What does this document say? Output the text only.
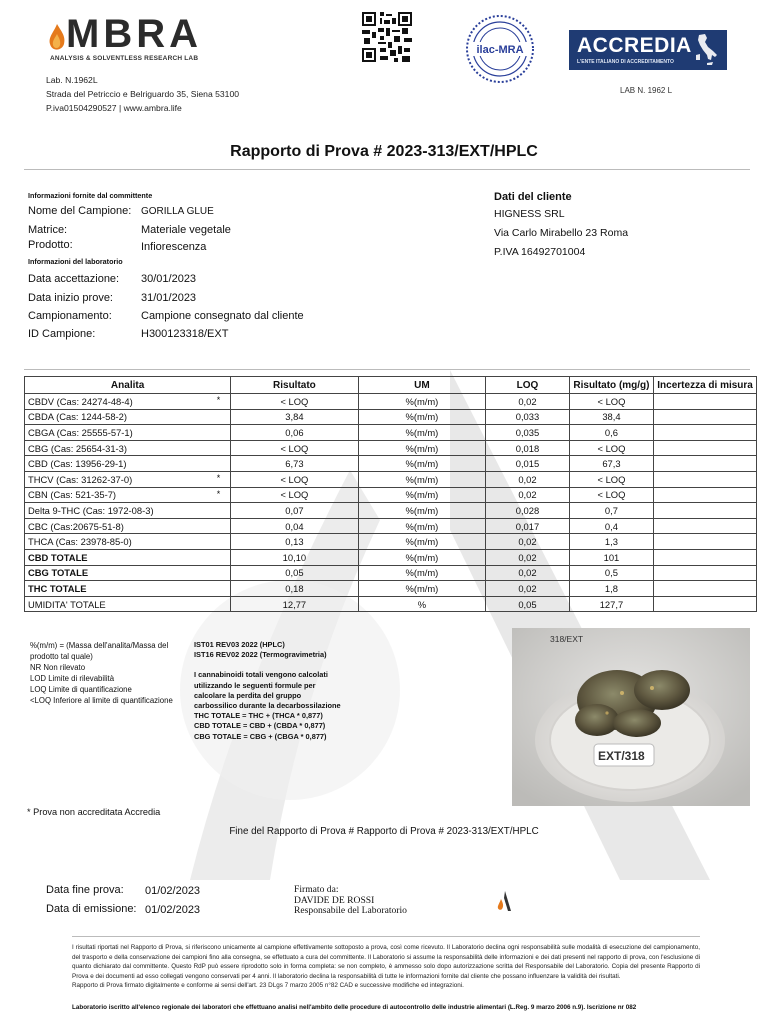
MBRA
ANALYSIS & SOLVENTLESS RESEARCH LAB
Lab. N.1962L
Strada del Petriccio e Belriguardo 35, Siena 53100
P.iva01504290527 | www.ambra.life
ilac-MRA	ACCREDIA
L'ENTE ITALIANO DI ACCREDITAMENTO
LAB N. 1962 L
Rapporto di Prova # 2023-313/EXT/HPLC
Informazioni fornite dal committente
Nome del Campione: GORILLA GLUE
Matrice:	Materiale vegetale
Prodotto:	Infiorescenza
Informazioni del laboratorio
Data accettazione: 30/01/2023
Data inizio prove:	31/01/2023
Campionamento:	Campione consegnato dal cliente
ID Campione:	H300123318/EXT
Dati del cliente
HIGNESS SRL
Via Carlo Mirabello 23 Roma
P.IVA 16492701004
Analita	Risultato	UM	LOQ	Risultato (mg/g)	Incertezza di misura
CBDV (Cas: 24274-48-4) *	< LOQ	%(m/m)	0,02	< LOQ	
CBDA (Cas: 1244-58-2)	3,84	%(m/m)	0,033	38,4	
CBGA (Cas: 25555-57-1)	0,06	%(m/m)	0,035	0,6	
CBG (Cas: 25654-31-3)	< LOQ	%(m/m)	0,018	< LOQ	
CBD (Cas: 13956-29-1)	6,73	%(m/m)	0,015	67,3	
THCV (Cas: 31262-37-0) *	< LOQ	%(m/m)	0,02	< LOQ	
CBN (Cas: 521-35-7) *	< LOQ	%(m/m)	0,02	< LOQ	
Delta 9-THC (Cas: 1972-08-3)	0,07	%(m/m)	0,028	0,7	
CBC (Cas:20675-51-8)	0,04	%(m/m)	0,017	0,4	
THCA (Cas: 23978-85-0)	0,13	%(m/m)	0,02	1,3	
CBD TOTALE	10,10	%(m/m)	0,02	101	
CBG TOTALE	0,05	%(m/m)	0,02	0,5	
THC TOTALE	0,18	%(m/m)	0,02	1,8	
UMIDITA' TOTALE	12,77	%	0,05	127,7	
%(m/m) = (Massa dell'analita/Massa del prodotto tal quale)
NR Non rilevato
LOD Limite di rilevabilità
LOQ Limite di quantificazione
<LOQ Inferiore al limite di quantificazione
IST01 REV03 2022 (HPLC)
IST16 REV02 2022 (Termogravimetria)
I cannabinoidi totali vengono calcolati utilizzando le seguenti formule per calcolare la perdita del gruppo carbossilico durante la decarbossilazione
THC TOTALE = THC + (THCA * 0,877)
CBD TOTALE = CBD + (CBDA * 0,877)
CBG TOTALE = CBG + (CBGA * 0,877)
318/EXT
EXT/318
* Prova non accreditata Accredia
Fine del Rapporto di Prova # Rapporto di Prova # 2023-313/EXT/HPLC
Data fine prova: 01/02/2023
Data di emissione: 01/02/2023
Firmato da:
DAVIDE DE ROSSI
Responsabile del Laboratorio
I risultati riportati nel Rapporto di Prova, si riferiscono unicamente al campione effettivamente sottoposto a prova, così come ricevuto. Il Laboratorio declina ogni responsabilità sulle modalità di esecuzione del campionamento, del trasporto e della conservazione dei campioni fino alla consegna, se effettuato a cura del committente. Il Laboratorio si assume la responsabilità delle informazioni e dei dati presenti nel rapporto di prova, con l'esclusione di quanto dichiarato dal committente. Questo RdP può essere riprodotto solo in forma completa: se non completo, è ammesso solo dopo autorizzazione scritta del Responsabile del Laboratorio. Copia del presente Rapporto di Prova e dei documenti ad esso collegati vengono conservati per 4 anni. Il laboratorio declina la responsabilità di tutte le informazioni fornite dal cliente che possano influenzare la validità dei risultati.
Rapporto di Prova firmato digitalmente e conforme ai sensi dell'art. 23 DLgs 7 marzo 2005 n°82 CAD e successive modifiche ed integrazioni.
Laboratorio iscritto all'elenco regionale dei laboratori che effettuano analisi nell'ambito delle procedure di autocontrollo delle industrie alimentari (L.Reg. 9 marzo 2006 n.9). Iscrizione nr 082
